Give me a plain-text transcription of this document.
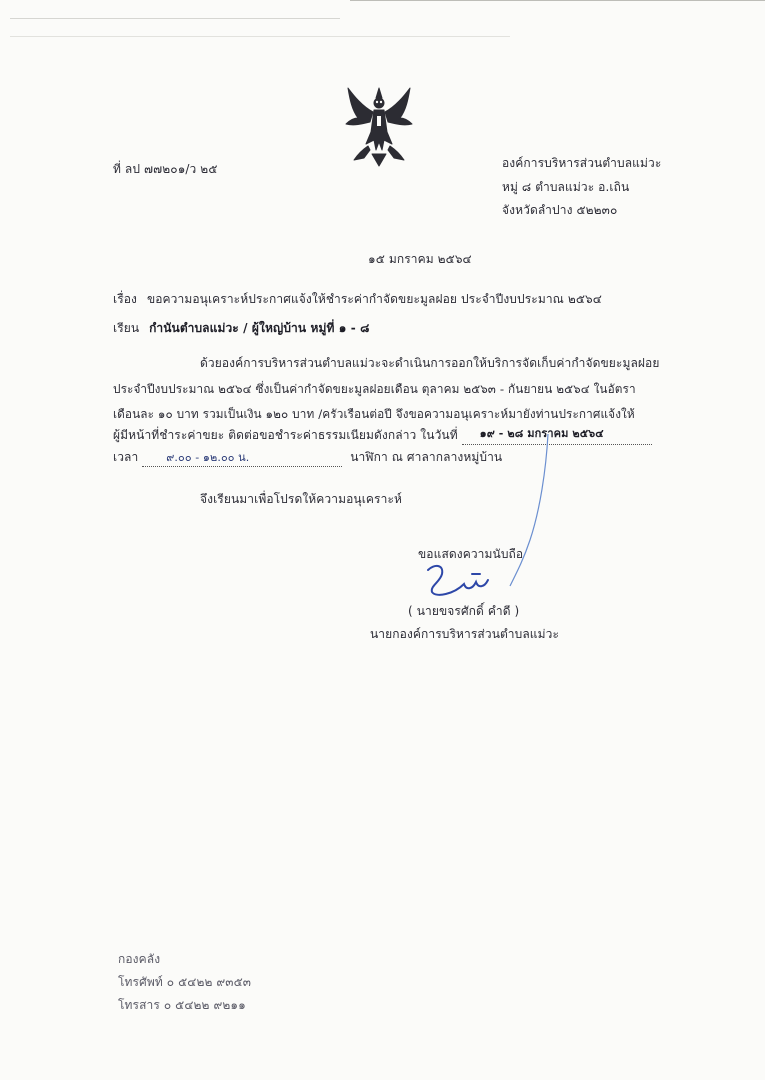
ที่ ลป ๗๗๒๐๑/ว ๒๕	องค์การบริหารส่วนตำบลแม่วะ
หมู่ ๘ ตำบลแม่วะ อ.เถิน
จังหวัดลำปาง ๕๒๒๓๐
๑๕ มกราคม ๒๕๖๔
เรื่อง ขอความอนุเคราะห์ประกาศแจ้งให้ชำระค่ากำจัดขยะมูลฝอย ประจำปีงบประมาณ ๒๕๖๔
เรียน กำนันตำบลแม่วะ / ผู้ใหญ่บ้าน หมู่ที่ ๑ - ๘
ด้วยองค์การบริหารส่วนตำบลแม่วะจะดำเนินการออกให้บริการจัดเก็บค่ากำจัดขยะมูลฝอย
ประจำปีงบประมาณ ๒๕๖๔ ซึ่งเป็นค่ากำจัดขยะมูลฝอยเดือน ตุลาคม ๒๕๖๓ - กันยายน ๒๕๖๔ ในอัตรา
เดือนละ ๑๐ บาท รวมเป็นเงิน ๑๒๐ บาท /ครัวเรือนต่อปี จึงขอความอนุเคราะห์มายังท่านประกาศแจ้งให้
ผู้มีหน้าที่ชำระค่าขยะ ติดต่อขอชำระค่าธรรมเนียมดังกล่าว ในวันที่ ๑๙ - ๒๘ มกราคม ๒๕๖๔
เวลา	๙.๐๐ - ๑๒.๐๐ น.	นาฬิกา ณ ศาลากลางหมู่บ้าน
จึงเรียนมาเพื่อโปรดให้ความอนุเคราะห์
ขอแสดงความนับถือ
( นายขจรศักดิ์ คำดี )
นายกองค์การบริหารส่วนตำบลแม่วะ
กองคลัง
โทรศัพท์ ๐ ๕๔๒๒ ๙๓๕๓
โทรสาร ๐ ๕๔๒๒ ๙๒๑๑
